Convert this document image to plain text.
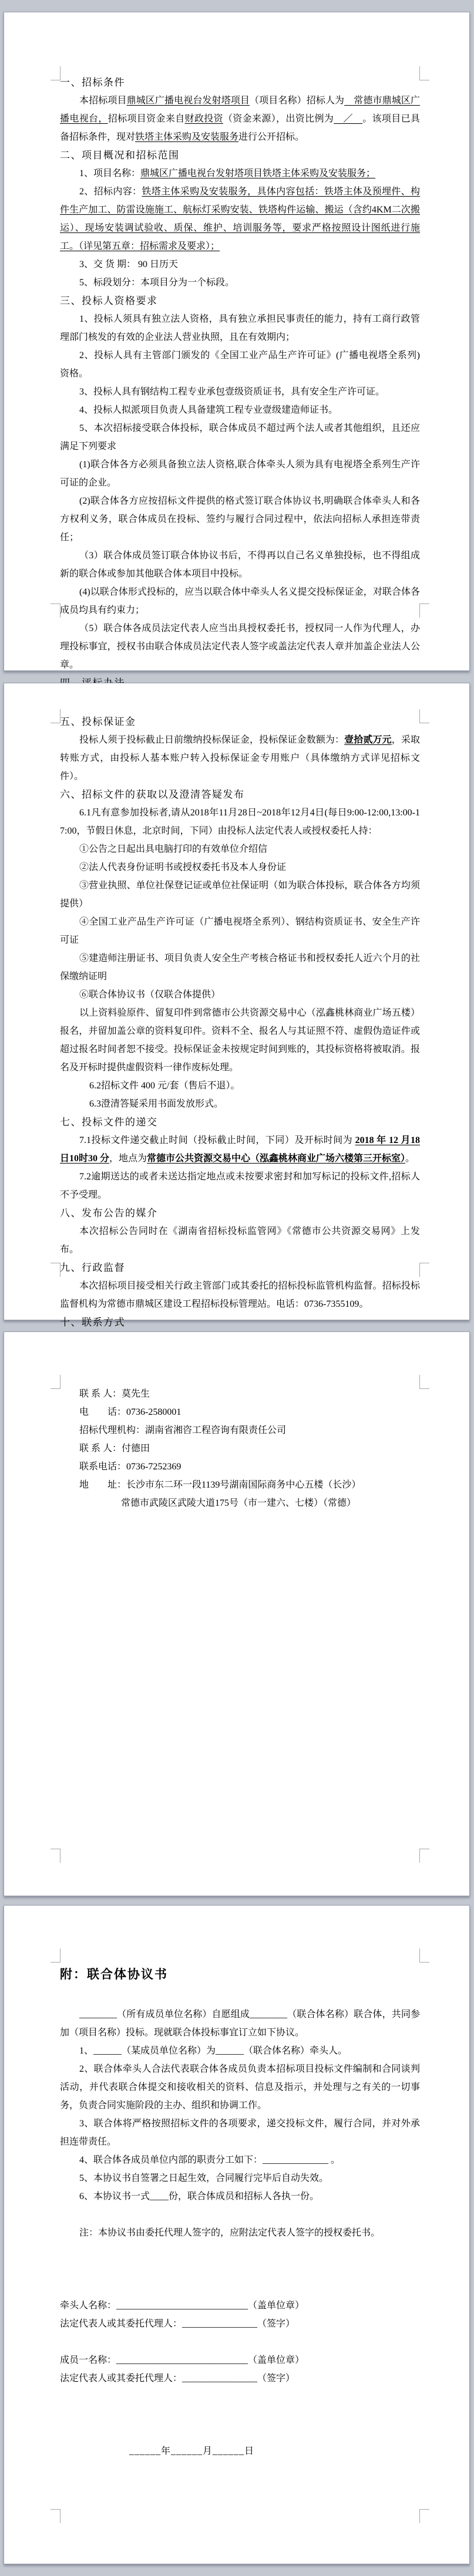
一、招标条件
本招标项目鼎城区广播电视台发射塔项目（项目名称）招标人为　常德市鼎城区广播电视台，招标项目资金来自财政投资（资金来源），出资比例为　／　。该项目已具备招标条件，现对铁塔主体采购及安装服务进行公开招标。
二、项目概况和招标范围
1、项目名称：鼎城区广播电视台发射塔项目铁塔主体采购及安装服务；
2、招标内容：铁塔主体采购及安装服务，具体内容包括：铁塔主体及预埋件、构件生产加工、防雷设施施工、航标灯采购安装、铁塔构件运输、搬运（含约4KM二次搬运）、现场安装调试验收、质保、维护、培训服务等，要求严格按照设计图纸进行施工。（详见第五章：招标需求及要求）；
3、交 货 期： 90 日历天
5、标段划分：本项目分为一个标段。
三、投标人资格要求
1、投标人须具有独立法人资格，具有独立承担民事责任的能力，持有工商行政管理部门核发的有效的企业法人营业执照，且在有效期内；
2、投标人具有主管部门颁发的《全国工业产品生产许可证》(广播电视塔全系列) 资格。
3、投标人具有钢结构工程专业承包壹级资质证书，具有安全生产许可证。
4、投标人拟派项目负责人具备建筑工程专业壹级建造师证书。
5、本次招标接受联合体投标，联合体成员不超过两个法人或者其他组织，且还应满足下列要求
(1)联合体各方必须具备独立法人资格,联合体牵头人须为具有电视塔全系列生产许可证的企业。
(2)联合体各方应按招标文件提供的格式签订联合体协议书,明确联合体牵头人和各方权利义务，联合体成员在投标、签约与履行合同过程中，依法向招标人承担连带责任；
（3）联合体成员签订联合体协议书后，不得再以自己名义单独投标，也不得组成新的联合体或参加其他联合体本项目中投标。
(4)以联合体形式投标的，应当以联合体中牵头人名义提交投标保证金，对联合体各成员均具有约束力；
（5）联合体各成员法定代表人应当出具授权委托书，授权同一人作为代理人，办理投标事宜，授权书由联合体成员法定代表人签字或盖法定代表人章并加盖企业法人公章。
五、投标保证金
投标人须于投标截止日前缴纳投标保证金，投标保证金数额为：壹拾贰万元，采取转账方式，由投标人基本账户转入投标保证金专用账户（具体缴纳方式详见招标文件）。
六、招标文件的获取以及澄清答疑发布
6.1凡有意参加投标者,请从2018年11月28日~2018年12月4日(每日9:00-12:00,13:00-17:00，节假日休息，北京时间，下同）由投标人法定代表人或授权委托人持：
①公告之日起出具电脑打印的有效单位介绍信
②法人代表身份证明书或授权委托书及本人身份证
③营业执照、单位社保登记证或单位社保证明（如为联合体投标，联合体各方均须提供）
④全国工业产品生产许可证（广播电视塔全系列）、钢结构资质证书、安全生产许可证
⑤建造师注册证书、项目负责人安全生产考核合格证书和授权委托人近六个月的社保缴纳证明
⑥联合体协议书（仅联合体提供）
以上资料验原件、留复印件到常德市公共资源交易中心（泓鑫桃林商业广场五楼）报名，并留加盖公章的资料复印件。资料不全、报名人与其证照不符、虚假伪造证件或超过报名时间者恕不接受。投标保证金未按规定时间到账的，其投标资格将被取消。报名及开标时提供虚假资料一律作废标处理。
6.2招标文件 400 元/套（售后不退）。
6.3澄清答疑采用书面发放形式。
七、投标文件的递交
7.1投标文件递交截止时间（投标截止时间，下同）及开标时间为 2018 年 12 月18日10时30 分，地点为常德市公共资源交易中心（泓鑫桃林商业广场六楼第三开标室）。
7.2逾期送达的或者未送达指定地点或未按要求密封和加写标记的投标文件,招标人不予受理。
八、发布公告的媒介
本次招标公告同时在《湖南省招标投标监管网》《常德市公共资源交易网》上发布。
九、行政监督
本次招标项目接受相关行政主管部门或其委托的招标投标监管机构监督。招标投标监督机构为常德市鼎城区建设工程招标投标管理站。电话：0736-7355109。
十、联系方式
联 系 人：莫先生
电　　话：0736-2580001
招标代理机构：湖南省湘咨工程咨询有限责任公司
联 系 人：付德田
联系电话：0736-7252369
地　　址：长沙市东二环一段1139号湖南国际商务中心五楼（长沙）
常德市武陵区武陵大道175号（市一建六、七楼）（常德）
附：联合体协议书

________（所有成员单位名称）自愿组成________（联合体名称）联合体，共同参加（项目名称）投标。现就联合体投标事宜订立如下协议。
1、______（某成员单位名称）为______（联合体名称）牵头人。
2、联合体牵头人合法代表联合体各成员负责本招标项目投标文件编制和合同谈判活动，并代表联合体提交和接收相关的资料、信息及指示，并处理与之有关的一切事务，负责合同实施阶段的主办、组织和协调工作。
3、联合体将严格按照招标文件的各项要求，递交投标文件，履行合同，并对外承担连带责任。
4、联合体各成员单位内部的职责分工如下：______________ 。
5、本协议书自签署之日起生效，合同履行完毕后自动失效。
6、本协议书一式____份，联合体成员和招标人各执一份。

注：本协议书由委托代理人签字的，应附法定代表人签字的授权委托书。

牵头人名称：____________________________（盖单位章）
法定代表人或其委托代理人：________________（签字）

成员一名称：____________________________（盖单位章）
法定代表人或其委托代理人：________________（签字）

______年______月______日
